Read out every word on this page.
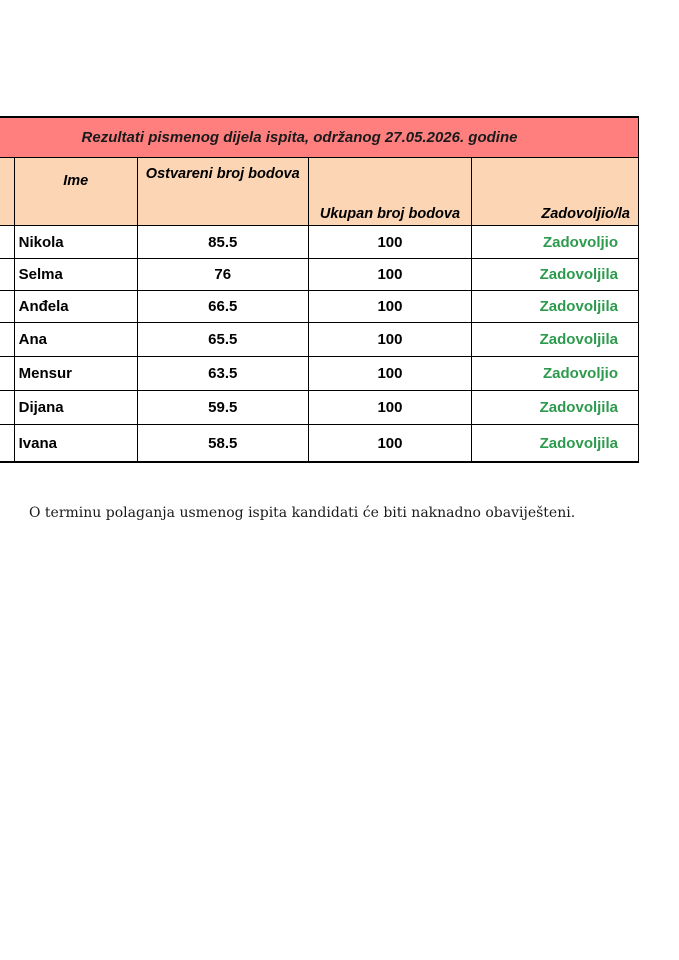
Rezultati pismenog dijela ispita, održanog 27.05.2026. godine				
	Ime	Ostvareni broj bodova	Ukupan broj bodova	Zadovoljio/la
	Nikola	85.5	100	Zadovoljio
	Selma	76	100	Zadovoljila
	Anđela	66.5	100	Zadovoljila
	Ana	65.5	100	Zadovoljila
	Mensur	63.5	100	Zadovoljio
	Dijana	59.5	100	Zadovoljila
	Ivana	58.5	100	Zadovoljila
O terminu polaganja usmenog ispita kandidati će biti naknadno obaviješteni.
